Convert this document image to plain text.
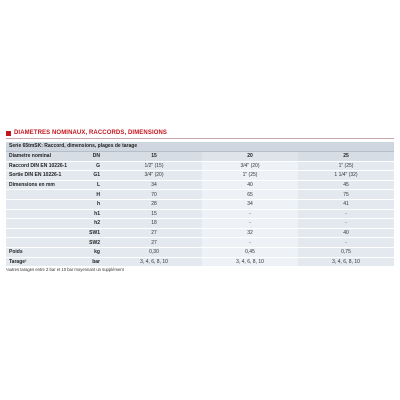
DIAMETRES NOMINAUX, RACCORDS, DIMENSIONS
Serie 65tmSK: Raccord, dimensions, plages de tarage
Diametre nominal	DN	15	20	25
Raccord DIN EN 10226-1	G	1/2" (15)	3/4" (20)	1" (25)
Sortie DIN EN 10226-1	G1	3/4" (20)	1" (25)	1 1/4" (32)
Dimensions en mm	L	34	40	45
	H	70	65	75
	h	28	34	41
	h1	15	-	-
	h2	18	-	-
	SW1	27	32	40
	SW2	27	-	-
Poids	kg	0,30	0,45	0,75
Tarage¹	bar	3, 4, 6, 8, 10	3, 4, 6, 8, 10	3, 4, 6, 8, 10
¹autres tarages entre 2 bar et 10 bar moyennant un supplément
